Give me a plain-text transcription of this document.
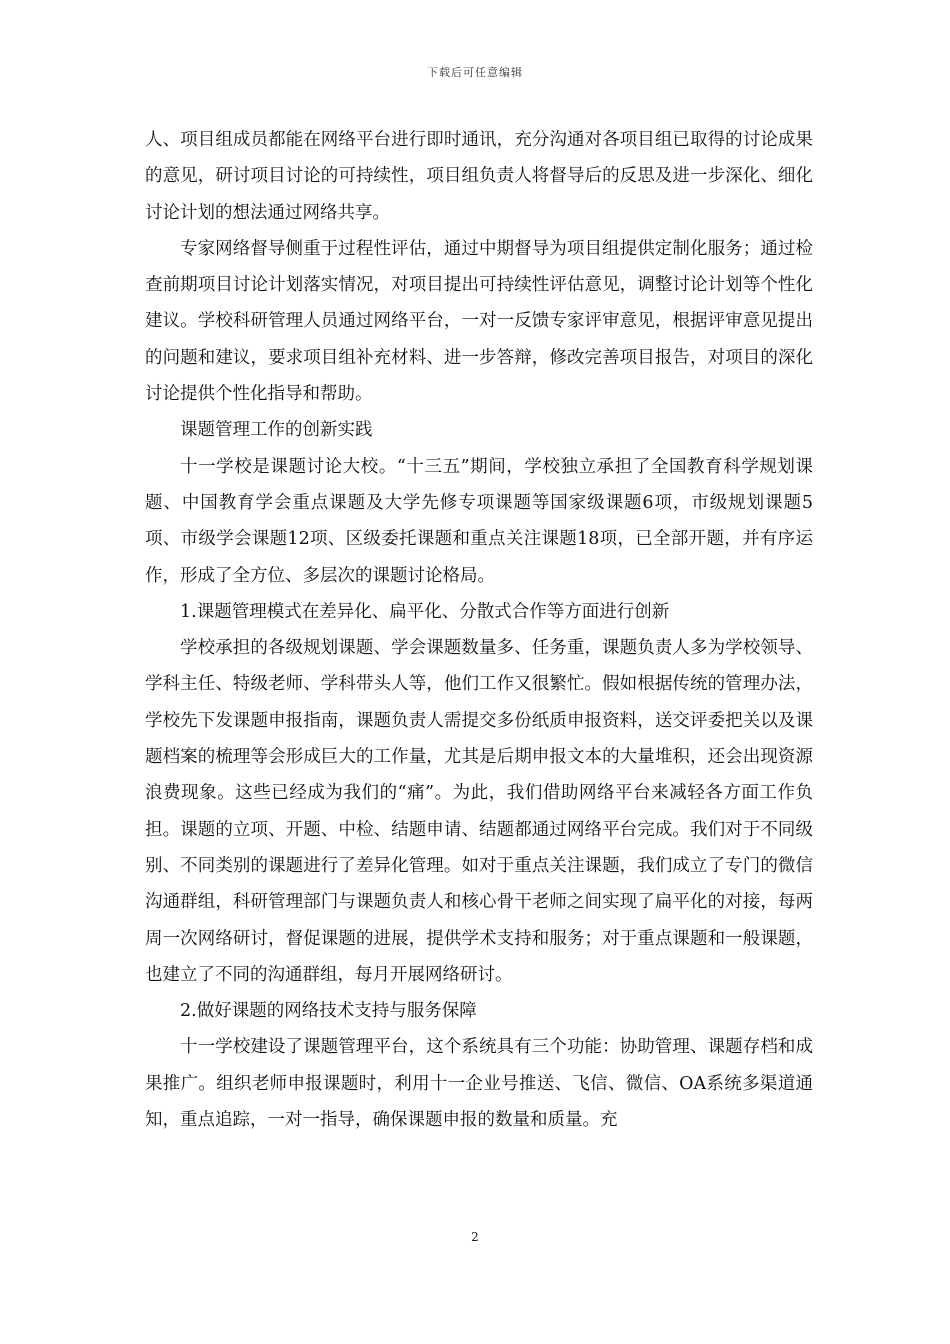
下载后可任意编辑

人、项目组成员都能在网络平台进行即时通讯，充分沟通对各项目组已取得的讨论成果的意见，研讨项目讨论的可持续性，项目组负责人将督导后的反思及进一步深化、细化讨论计划的想法通过网络共享。

专家网络督导侧重于过程性评估，通过中期督导为项目组提供定制化服务；通过检查前期项目讨论计划落实情况，对项目提出可持续性评估意见，调整讨论计划等个性化建议。学校科研管理人员通过网络平台，一对一反馈专家评审意见，根据评审意见提出的问题和建议，要求项目组补充材料、进一步答辩，修改完善项目报告，对项目的深化讨论提供个性化指导和帮助。

课题管理工作的创新实践

十一学校是课题讨论大校。“十三五”期间，学校独立承担了全国教育科学规划课题、中国教育学会重点课题及大学先修专项课题等国家级课题6项，市级规划课题5项、市级学会课题12项、区级委托课题和重点关注课题18项，已全部开题，并有序运作，形成了全方位、多层次的课题讨论格局。

1.课题管理模式在差异化、扁平化、分散式合作等方面进行创新

学校承担的各级规划课题、学会课题数量多、任务重，课题负责人多为学校领导、学科主任、特级老师、学科带头人等，他们工作又很繁忙。假如根据传统的管理办法，学校先下发课题申报指南，课题负责人需提交多份纸质申报资料，送交评委把关以及课题档案的梳理等会形成巨大的工作量，尤其是后期申报文本的大量堆积，还会出现资源浪费现象。这些已经成为我们的“痛”。为此，我们借助网络平台来减轻各方面工作负担。课题的立项、开题、中检、结题申请、结题都通过网络平台完成。我们对于不同级别、不同类别的课题进行了差异化管理。如对于重点关注课题，我们成立了专门的微信沟通群组，科研管理部门与课题负责人和核心骨干老师之间实现了扁平化的对接，每两周一次网络研讨，督促课题的进展，提供学术支持和服务；对于重点课题和一般课题，也建立了不同的沟通群组，每月开展网络研讨。

2.做好课题的网络技术支持与服务保障

十一学校建设了课题管理平台，这个系统具有三个功能：协助管理、课题存档和成果推广。组织老师申报课题时，利用十一企业号推送、飞信、微信、OA系统多渠道通知，重点追踪，一对一指导，确保课题申报的数量和质量。充

2
